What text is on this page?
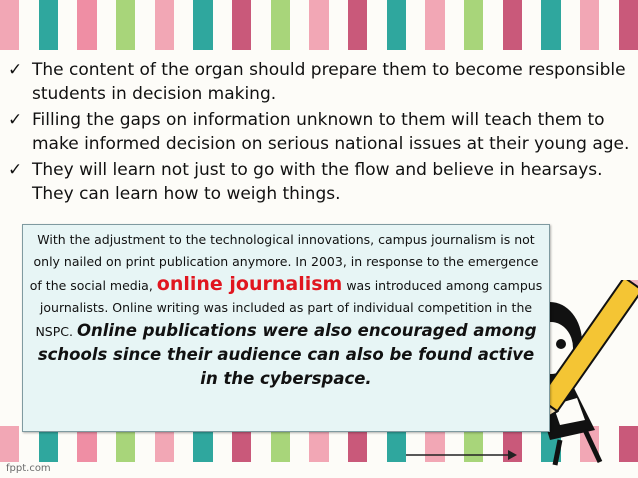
✓ The content of the organ should prepare them to become responsible students in decision making.
✓ Filling the gaps on information unknown to them will teach them to make informed decision on serious national issues at their young age.
✓ They will learn not just to go with the flow and believe in hearsays. They can learn how to weigh things.
With the adjustment to the technological innovations, campus journalism is not only nailed on print publication anymore. In 2003, in response to the emergence of the social media, online journalism was introduced among campus journalists. Online writing was included as part of individual competition in the NSPC. Online publications were also encouraged among schools since their audience can also be found active in the cyberspace.
fppt.com
